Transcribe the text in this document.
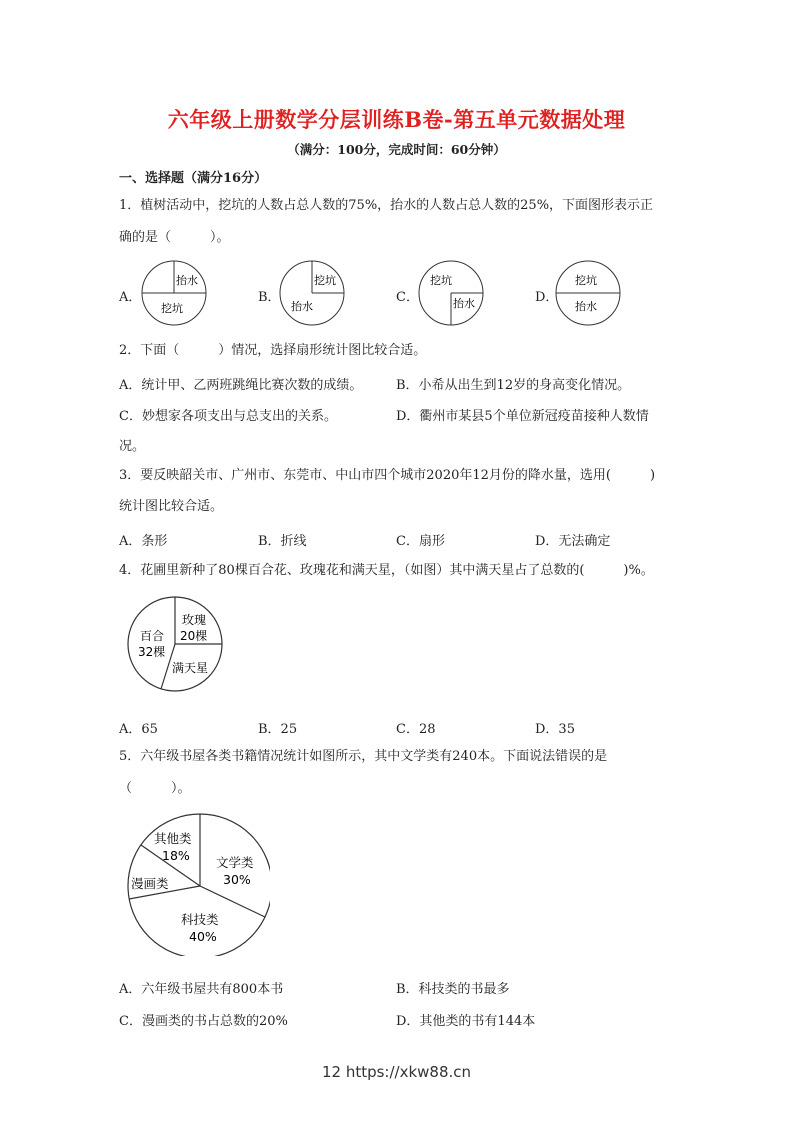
六年级上册数学分层训练B卷-第五单元数据处理
（满分：100分，完成时间：60分钟）
一、选择题（满分16分）
1．植树活动中，挖坑的人数占总人数的75%，抬水的人数占总人数的25%，下面图形表示正
确的是（　　　）。
A．
抬水
挖坑
B．
挖坑
抬水
C．
挖坑
抬水	D．
挖坑
抬水
2．下面（　　　）情况，选择扇形统计图比较合适。
A．统计甲、乙两班跳绳比赛次数的成绩。	B．小希从出生到12岁的身高变化情况。
C．妙想家各项支出与总支出的关系。	D．衢州市某县5个单位新冠疫苗接种人数情
况。
3．要反映韶关市、广州市、东莞市、中山市四个城市2020年12月份的降水量，选用(　　　)
统计图比较合适。
A．条形	B．折线	C．扇形	D．无法确定
4．花圃里新种了80棵百合花、玫瑰花和满天星，（如图）其中满天星占了总数的(　　　)%。
百合
32棵
玫瑰
20棵
满天星
A．65	B．25	C．28	D．35
5．六年级书屋各类书籍情况统计如图所示，其中文学类有240本。下面说法错误的是
（　　　）。
其他类
18% 文学类
30%
漫画类
科技类
40%
A．六年级书屋共有800本书	B．科技类的书最多
C．漫画类的书占总数的20%	D．其他类的书有144本
12 https://xkw88.cn
